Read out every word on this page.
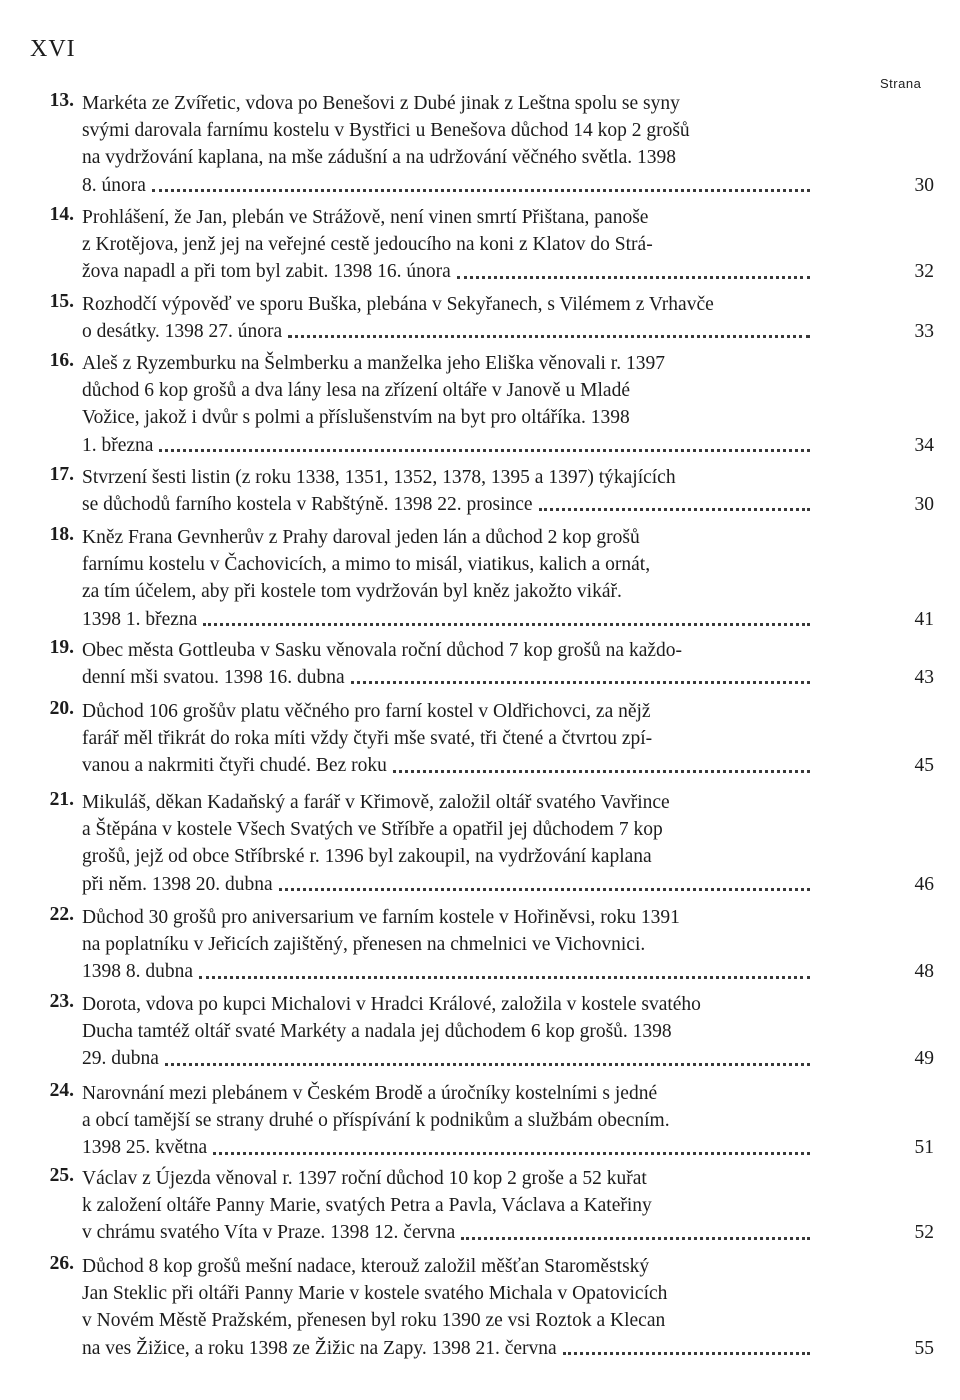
XVI
Strana
13. Markéta ze Zvířetic, vdova po Benešovi z Dubé jinak z Leštna spolu se syny
svými darovala farnímu kostelu v Bystřici u Benešova důchod 14 kop 2 grošů
na vydržování kaplana, na mše zádušní a na udržování věčného světla. 1398
8. února	30
14. Prohlášení, že Jan, plebán ve Strážově, není vinen smrtí Přištana, panoše
z Krotějova, jenž jej na veřejné cestě jedoucího na koni z Klatov do Strá-
žova napadl a při tom byl zabit. 1398 16. února	32
15. Rozhodčí výpověď ve sporu Buška, plebána v Sekyřanech, s Vilémem z Vrhavče
o desátky. 1398 27. února	33
16. Aleš z Ryzemburku na Šelmberku a manželka jeho Eliška věnovali r. 1397
důchod 6 kop grošů a dva lány lesa na zřízení oltáře v Janově u Mladé
Vožice, jakož i dvůr s polmi a příslušenstvím na byt pro oltáříka. 1398
1. března	34
17. Stvrzení šesti listin (z roku 1338, 1351, 1352, 1378, 1395 a 1397) týkajících
se důchodů farního kostela v Rabštýně. 1398 22. prosince	30
18. Kněz Frana Gevnherův z Prahy daroval jeden lán a důchod 2 kop grošů
farnímu kostelu v Čachovicích, a mimo to misál, viatikus, kalich a ornát,
za tím účelem, aby při kostele tom vydržován byl kněz jakožto vikář.
1398 1. března	41
19. Obec města Gottleuba v Sasku věnovala roční důchod 7 kop grošů na každo-
denní mši svatou. 1398 16. dubna	43
20. Důchod 106 grošův platu věčného pro farní kostel v Oldřichovci, za nějž
farář měl třikrát do roka míti vždy čtyři mše svaté, tři čtené a čtvrtou zpí-
vanou a nakrmiti čtyři chudé. Bez roku	45
21. Mikuláš, děkan Kadaňský a farář v Křimově, založil oltář svatého Vavřince
a Štěpána v kostele Všech Svatých ve Stříbře a opatřil jej důchodem 7 kop
grošů, jejž od obce Stříbrské r. 1396 byl zakoupil, na vydržování kaplana
při něm. 1398 20. dubna	46
22. Důchod 30 grošů pro aniversarium ve farním kostele v Hořiněvsi, roku 1391
na poplatníku v Jeřicích zajištěný, přenesen na chmelnici ve Vichovnici.
1398 8. dubna	48
23. Dorota, vdova po kupci Michalovi v Hradci Králové, založila v kostele svatého
Ducha tamtéž oltář svaté Markéty a nadala jej důchodem 6 kop grošů. 1398
29. dubna	49
24. Narovnání mezi plebánem v Českém Brodě a úročníky kostelními s jedné
a obcí tamější se strany druhé o příspívání k podnikům a službám obecním.
1398 25. května	51
25. Václav z Újezda věnoval r. 1397 roční důchod 10 kop 2 groše a 52 kuřat
k založení oltáře Panny Marie, svatých Petra a Pavla, Václava a Kateřiny
v chrámu svatého Víta v Praze. 1398 12. června	52
26. Důchod 8 kop grošů mešní nadace, kterouž založil měšťan Staroměstský
Jan Steklic při oltáři Panny Marie v kostele svatého Michala v Opatovicích
v Novém Městě Pražském, přenesen byl roku 1390 ze vsi Roztok a Klecan
na ves Žižice, a roku 1398 ze Žižic na Zapy. 1398 21. června	55
